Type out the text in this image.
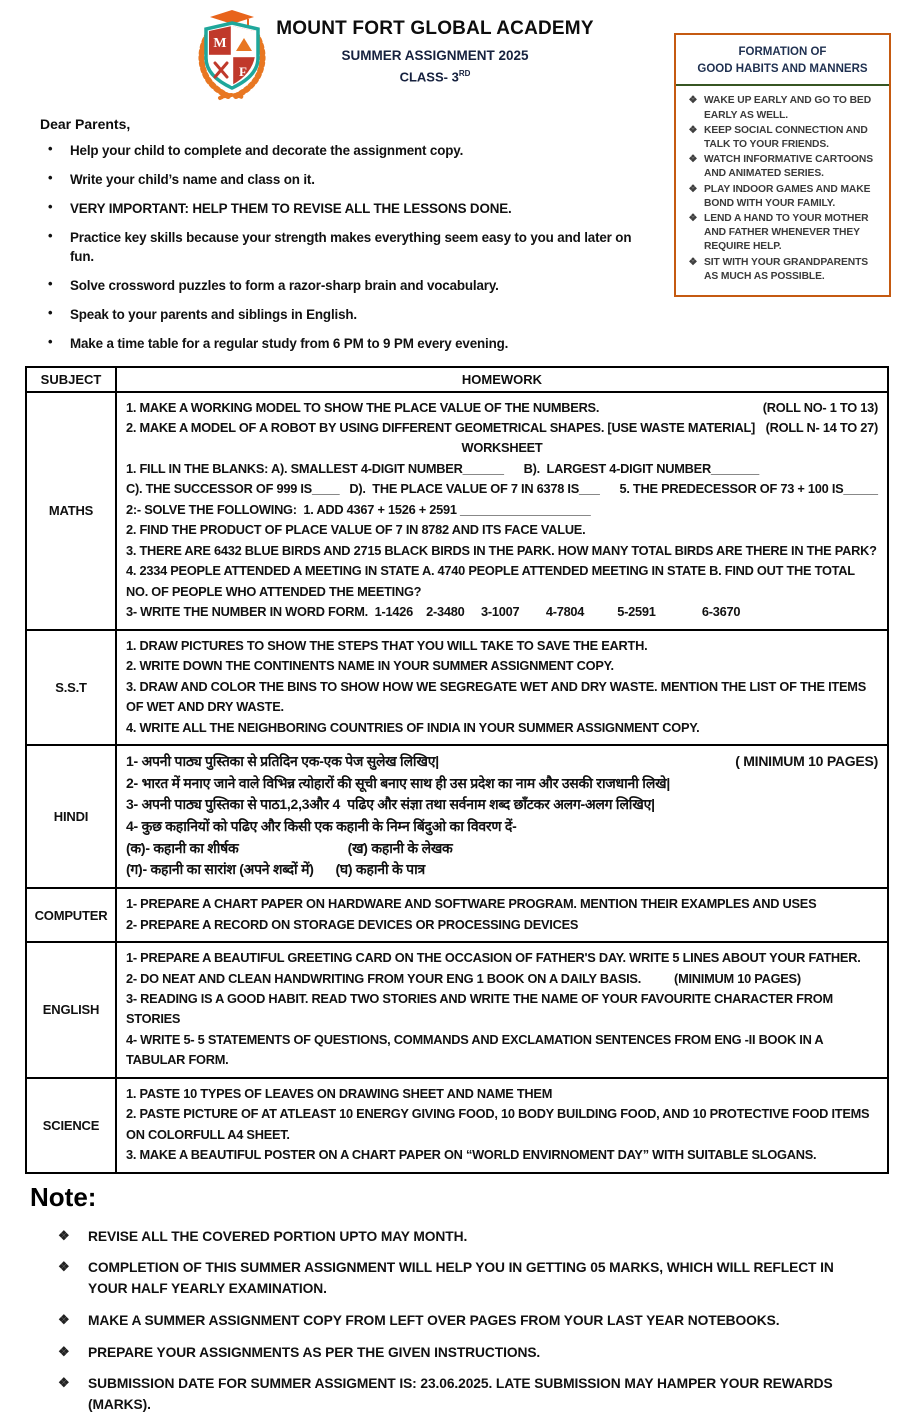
M
F
MOUNT FORT GLOBAL ACADEMY
SUMMER ASSIGNMENT 2025
CLASS- 3RD
FORMATION OF
GOOD HABITS AND MANNERS
❖ WAKE UP EARLY AND GO TO BED EARLY AS WELL.
❖ KEEP SOCIAL CONNECTION AND TALK TO YOUR FRIENDS.
❖ WATCH INFORMATIVE CARTOONS AND ANIMATED SERIES.
❖ PLAY INDOOR GAMES AND MAKE BOND WITH YOUR FAMILY.
❖ LEND A HAND TO YOUR MOTHER AND FATHER WHENEVER THEY REQUIRE HELP.
❖ SIT WITH YOUR GRANDPARENTS AS MUCH AS POSSIBLE.
Dear Parents,
•	Help your child to complete and decorate the assignment copy.
•	Write your child’s name and class on it.
•	VERY IMPORTANT: HELP THEM TO REVISE ALL THE LESSONS DONE.
•	Practice key skills because your strength makes everything seem easy to you and later on fun.
•	Solve crossword puzzles to form a razor-sharp brain and vocabulary.
•	Speak to your parents and siblings in English.
•	Make a time table for a regular study from 6 PM to 9 PM every evening.
SUBJECT	HOMEWORK
MATHS	
1. MAKE A WORKING MODEL TO SHOW THE PLACE VALUE OF THE NUMBERS.	(ROLL NO- 1 TO 13)
2. MAKE A MODEL OF A ROBOT BY USING DIFFERENT GEOMETRICAL SHAPES. [USE WASTE MATERIAL] (ROLL N- 14 TO 27)
WORKSHEET
1. FILL IN THE BLANKS: A). SMALLEST 4-DIGIT NUMBER______      B).  LARGEST 4-DIGIT NUMBER_______
C). THE SUCCESSOR OF 999 IS____   D).  THE PLACE VALUE OF 7 IN 6378 IS___      5. THE PREDECESSOR OF 73 + 100 IS_____
2:- SOLVE THE FOLLOWING:  1. ADD 4367 + 1526 + 2591 ___________________
2. FIND THE PRODUCT OF PLACE VALUE OF 7 IN 8782 AND ITS FACE VALUE.
3. THERE ARE 6432 BLUE BIRDS AND 2715 BLACK BIRDS IN THE PARK. HOW MANY TOTAL BIRDS ARE THERE IN THE PARK?
4. 2334 PEOPLE ATTENDED A MEETING IN STATE A. 4740 PEOPLE ATTENDED MEETING IN STATE B. FIND OUT THE TOTAL NO. OF PEOPLE WHO ATTENDED THE MEETING?
3- WRITE THE NUMBER IN WORD FORM.  1-1426    2-3480     3-1007        4-7804          5-2591              6-3670

S.S.T	1. DRAW PICTURES TO SHOW THE STEPS THAT YOU WILL TAKE TO SAVE THE EARTH.
2. WRITE DOWN THE CONTINENTS NAME IN YOUR SUMMER ASSIGNMENT COPY.
3. DRAW AND COLOR THE BINS TO SHOW HOW WE SEGREGATE WET AND DRY WASTE. MENTION THE LIST OF THE ITEMS OF WET AND DRY WASTE.
4. WRITE ALL THE NEIGHBORING COUNTRIES OF INDIA IN YOUR SUMMER ASSIGNMENT COPY.

HINDI	
1- अपनी पाठ्य पुस्तिका से प्रतिदिन एक-एक पेज सुलेख लिखिए|	( MINIMUM 10 PAGES)
2- भारत में मनाए जाने वाले विभिन्न त्योहारों की सूची बनाए साथ ही उस प्रदेश का नाम और उसकी राजधानी लिखे|
3- अपनी पाठ्य पुस्तिका से पाठ1,2,3और 4  पढिए और संज्ञा तथा सर्वनाम शब्द छाँटकर अलग-अलग लिखिए|
4- कुछ कहानियों को पढिए और किसी एक कहानी के निम्न बिंदुओ का विवरण दें-
(क)- कहानी का शीर्षक                              (ख) कहानी के लेखक
(ग)- कहानी का सारांश (अपने शब्दों में)      (घ) कहानी के पात्र

COMPUTER	1- PREPARE A CHART PAPER ON HARDWARE AND SOFTWARE PROGRAM. MENTION THEIR EXAMPLES AND USES
2- PREPARE A RECORD ON STORAGE DEVICES OR PROCESSING DEVICES

ENGLISH	1- PREPARE A BEAUTIFUL GREETING CARD ON THE OCCASION OF FATHER'S DAY. WRITE 5 LINES ABOUT YOUR FATHER.
2- DO NEAT AND CLEAN HANDWRITING FROM YOUR ENG 1 BOOK ON A DAILY BASIS.          (MINIMUM 10 PAGES)
3- READING IS A GOOD HABIT. READ TWO STORIES AND WRITE THE NAME OF YOUR FAVOURITE CHARACTER FROM STORIES
4- WRITE 5- 5 STATEMENTS OF QUESTIONS, COMMANDS AND EXCLAMATION SENTENCES FROM ENG -II BOOK IN A TABULAR FORM.

SCIENCE	1. PASTE 10 TYPES OF LEAVES ON DRAWING SHEET AND NAME THEM
2. PASTE PICTURE OF AT ATLEAST 10 ENERGY GIVING FOOD, 10 BODY BUILDING FOOD, AND 10 PROTECTIVE FOOD ITEMS ON COLORFULL A4 SHEET.
3. MAKE A BEAUTIFUL POSTER ON A CHART PAPER ON “WORLD ENVIRNOMENT DAY” WITH SUITABLE SLOGANS.
Note:
❖	REVISE ALL THE COVERED PORTION UPTO MAY MONTH.
❖	COMPLETION OF THIS SUMMER ASSIGNMENT WILL HELP YOU IN GETTING 05 MARKS, WHICH WILL REFLECT IN YOUR HALF YEARLY EXAMINATION.
❖	MAKE A SUMMER ASSIGNMENT COPY FROM LEFT OVER PAGES FROM YOUR LAST YEAR NOTEBOOKS.
❖	PREPARE YOUR ASSIGNMENTS AS PER THE GIVEN INSTRUCTIONS.
❖	SUBMISSION DATE FOR SUMMER ASSIGMENT IS: 23.06.2025. LATE SUBMISSION MAY HAMPER YOUR REWARDS (MARKS).
